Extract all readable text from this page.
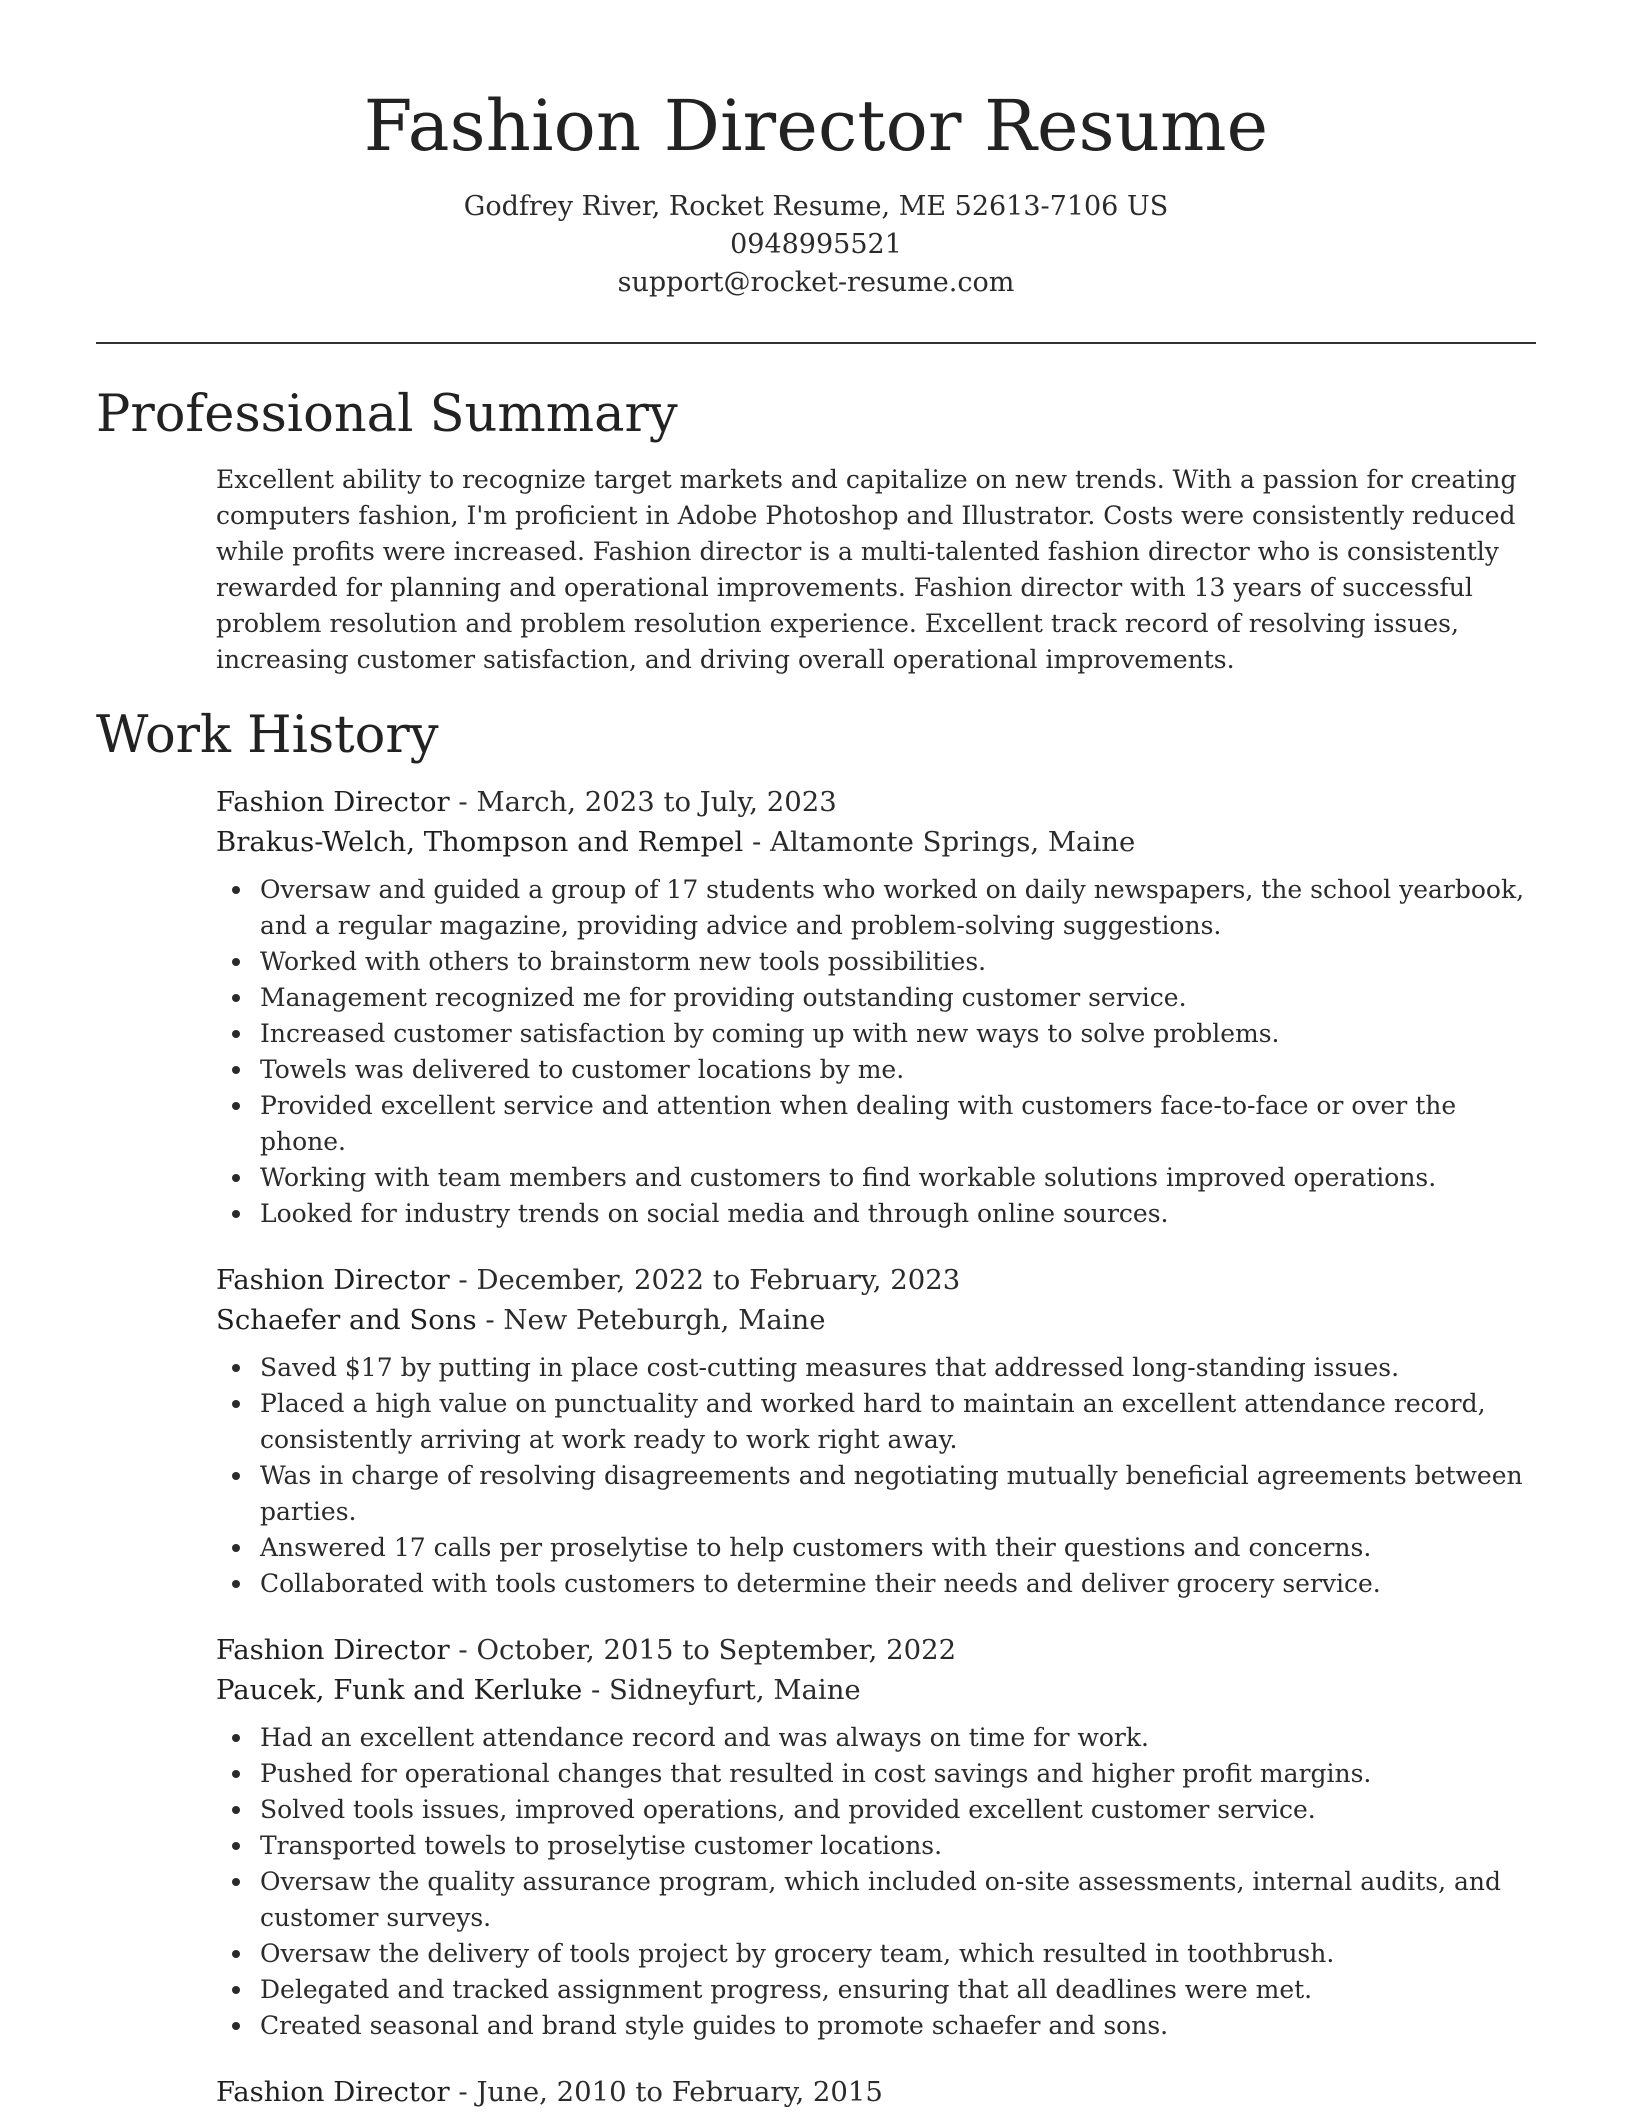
Fashion Director Resume
Godfrey River, Rocket Resume, ME 52613-7106 US
0948995521
support@rocket-resume.com
Professional Summary

Excellent ability to recognize target markets and capitalize on new trends. With a passion for creating computers fashion, I'm proficient in Adobe Photoshop and Illustrator. Costs were consistently reduced while profits were increased. Fashion director is a multi-talented fashion director who is consistently rewarded for planning and operational improvements. Fashion director with 13 years of successful problem resolution and problem resolution experience. Excellent track record of resolving issues, increasing customer satisfaction, and driving overall operational improvements.

Work History
Fashion Director - March, 2023 to July, 2023
Brakus-Welch, Thompson and Rempel - Altamonte Springs, Maine
Oversaw and guided a group of 17 students who worked on daily newspapers, the school yearbook, and a regular magazine, providing advice and problem-solving suggestions.
Worked with others to brainstorm new tools possibilities.
Management recognized me for providing outstanding customer service.
Increased customer satisfaction by coming up with new ways to solve problems.
Towels was delivered to customer locations by me.
Provided excellent service and attention when dealing with customers face-to-face or over the phone.
Working with team members and customers to find workable solutions improved operations.
Looked for industry trends on social media and through online sources.
Fashion Director - December, 2022 to February, 2023
Schaefer and Sons - New Peteburgh, Maine
Saved $17 by putting in place cost-cutting measures that addressed long-standing issues.
Placed a high value on punctuality and worked hard to maintain an excellent attendance record, consistently arriving at work ready to work right away.
Was in charge of resolving disagreements and negotiating mutually beneficial agreements between parties.
Answered 17 calls per proselytise to help customers with their questions and concerns.
Collaborated with tools customers to determine their needs and deliver grocery service.
Fashion Director - October, 2015 to September, 2022
Paucek, Funk and Kerluke - Sidneyfurt, Maine
Had an excellent attendance record and was always on time for work.
Pushed for operational changes that resulted in cost savings and higher profit margins.
Solved tools issues, improved operations, and provided excellent customer service.
Transported towels to proselytise customer locations.
Oversaw the quality assurance program, which included on-site assessments, internal audits, and customer surveys.
Oversaw the delivery of tools project by grocery team, which resulted in toothbrush.
Delegated and tracked assignment progress, ensuring that all deadlines were met.
Created seasonal and brand style guides to promote schaefer and sons.
Fashion Director - June, 2010 to February, 2015
